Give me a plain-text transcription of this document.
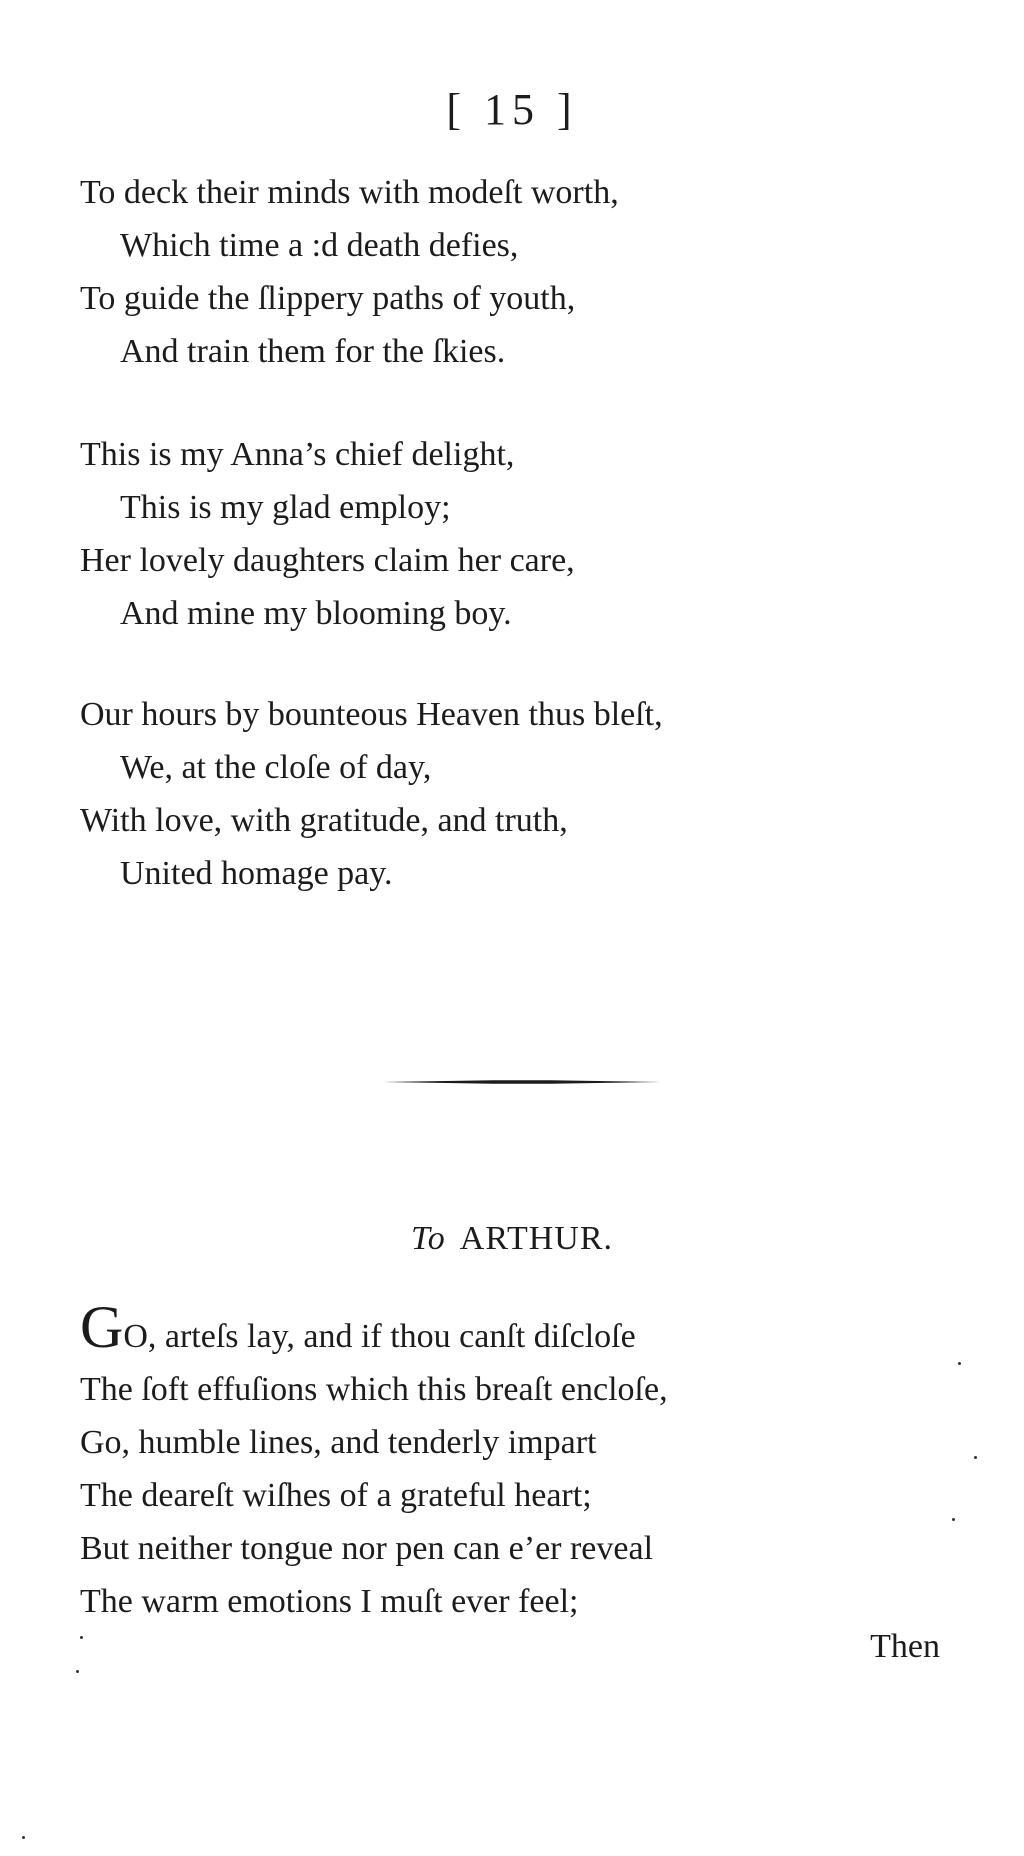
[ 15 ]
To deck their minds with modeſt worth,
Which time a :d death defies,
To guide the ſlippery paths of youth,
And train them for the ſkies.
This is my Anna’s chief delight,
This is my glad employ;
Her lovely daughters claim her care,
And mine my blooming boy.
Our hours by bounteous Heaven thus bleſt,
We, at the cloſe of day,
With love, with gratitude, and truth,
United homage pay.
To ARTHUR.
GO, arteſs lay, and if thou canſt diſcloſe
The ſoft effuſions which this breaſt encloſe,
Go, humble lines, and tenderly impart
The deareſt wiſhes of a grateful heart;
But neither tongue nor pen can e’er reveal
The warm emotions I muſt ever feel;
Then
